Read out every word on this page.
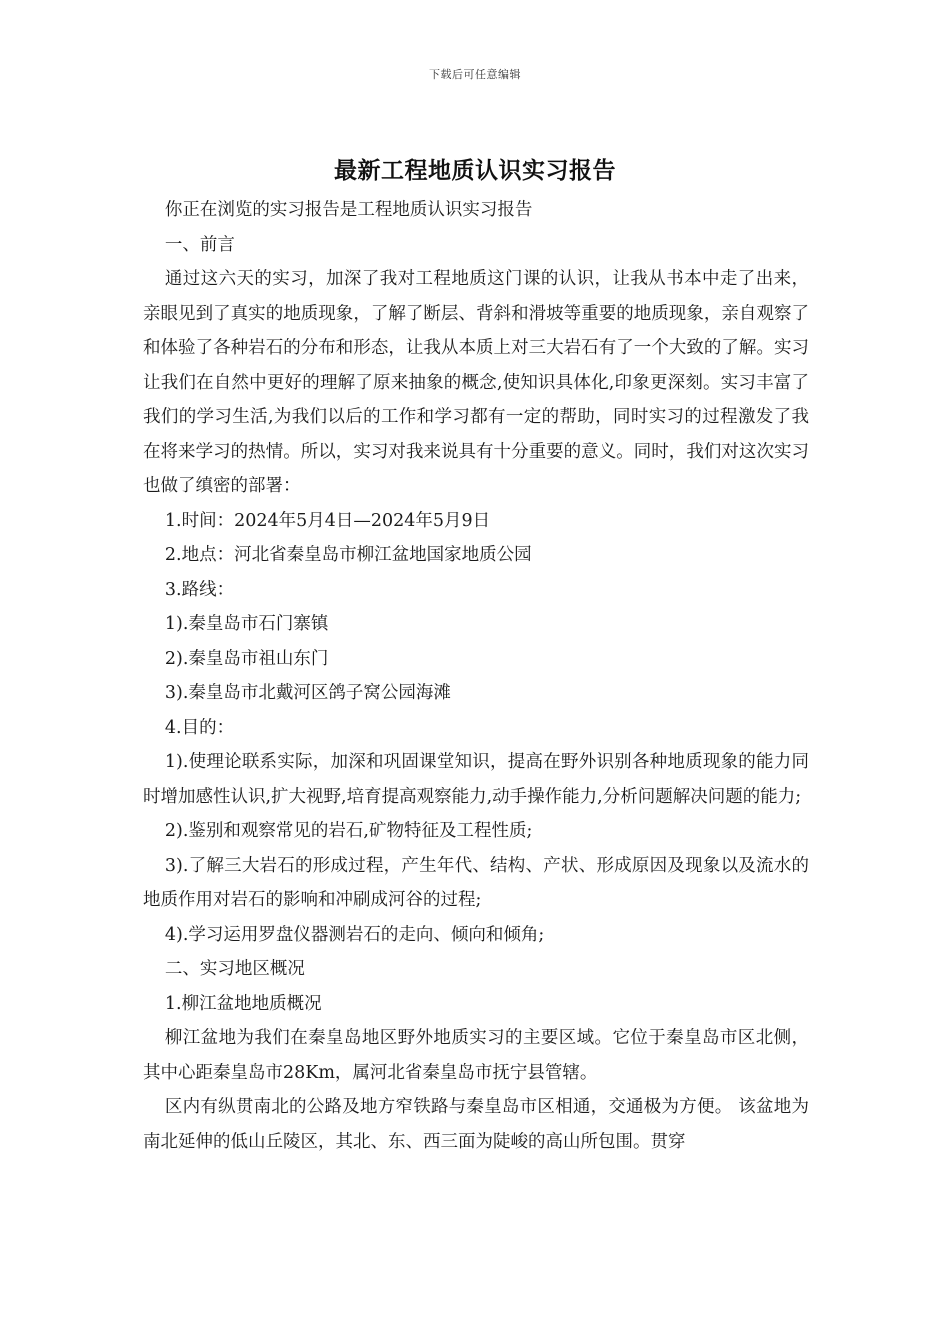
下载后可任意编辑
最新工程地质认识实习报告

你正在浏览的实习报告是工程地质认识实习报告

一、前言

通过这六天的实习，加深了我对工程地质这门课的认识，让我从书本中走了出来，亲眼见到了真实的地质现象，了解了断层、背斜和滑坡等重要的地质现象，亲自观察了和体验了各种岩石的分布和形态，让我从本质上对三大岩石有了一个大致的了解。实习让我们在自然中更好的理解了原来抽象的概念,使知识具体化,印象更深刻。实习丰富了我们的学习生活,为我们以后的工作和学习都有一定的帮助，同时实习的过程激发了我在将来学习的热情。所以，实习对我来说具有十分重要的意义。同时，我们对这次实习也做了缜密的部署：

1.时间：2024年5月4日—2024年5月9日

2.地点：河北省秦皇岛市柳江盆地国家地质公园

3.路线：

1).秦皇岛市石门寨镇

2).秦皇岛市祖山东门

3).秦皇岛市北戴河区鸽子窝公园海滩

4.目的：

1).使理论联系实际，加深和巩固课堂知识，提高在野外识别各种地质现象的能力同时增加感性认识,扩大视野,培育提高观察能力,动手操作能力,分析问题解决问题的能力;

2).鉴别和观察常见的岩石,矿物特征及工程性质;

3).了解三大岩石的形成过程，产生年代、结构、产状、形成原因及现象以及流水的地质作用对岩石的影响和冲刷成河谷的过程;

4).学习运用罗盘仪器测岩石的走向、倾向和倾角;

二、实习地区概况

1.柳江盆地地质概况

柳江盆地为我们在秦皇岛地区野外地质实习的主要区域。它位于秦皇岛市区北侧，其中心距秦皇岛市28Km，属河北省秦皇岛市抚宁县管辖。

区内有纵贯南北的公路及地方窄铁路与秦皇岛市区相通，交通极为方便。 该盆地为南北延伸的低山丘陵区，其北、东、西三面为陡峻的高山所包围。贯穿
